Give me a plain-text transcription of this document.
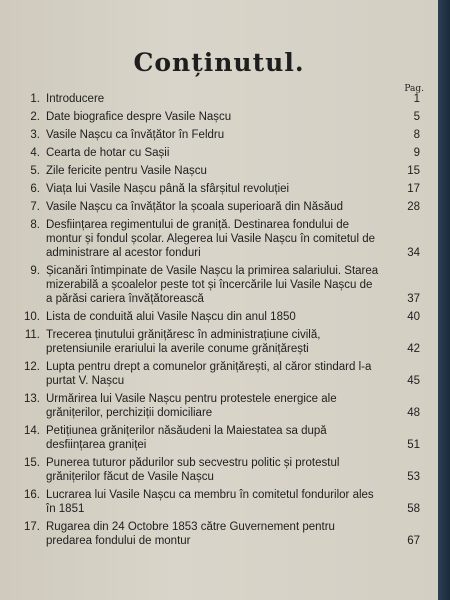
Conținutul.
Pag.
1. Introducere	1
2. Date biografice despre Vasile Nașcu	5
3. Vasile Nașcu ca învățător în Feldru	8
4. Cearta de hotar cu Sașii	9
5. Zile fericite pentru Vasile Nașcu	15
6. Viața lui Vasile Nașcu până la sfârșitul revoluției	17
7. Vasile Nașcu ca învățător la școala superioară din Năsăud	28
8. Desființarea regimentului de graniță. Destinarea fondului de montur și fondul școlar. Alegerea lui Vasile Nașcu în comitetul de administrare al acestor fonduri	34
9. Șicanări întimpinate de Vasile Nașcu la primirea salariului. Starea mizerabilă a școalelor peste tot și încercările lui Vasile Nașcu de a părăsi cariera învățătorească	37
10. Lista de conduită alui Vasile Nașcu din anul 1850	40
11. Trecerea ținutului grănițăresc în administrațiune civilă, pretensiunile erariului la averile conume grănițărești	42
12. Lupta pentru drept a comunelor grănițărești, al căror stindard l-a purtat V. Nașcu	45
13. Urmărirea lui Vasile Nașcu pentru protestele energice ale grănițerilor, perchiziții domiciliare	48
14. Petițiunea grănițerilor năsăudeni la Maiestatea sa după desființarea graniței	51
15. Punerea tuturor pădurilor sub secvestru politic și protestul grănițerilor făcut de Vasile Nașcu	53
16. Lucrarea lui Vasile Nașcu ca membru în comitetul fondurilor ales în 1851	58
17. Rugarea din 24 Octobre 1853 către Guvernement pentru predarea fondului de montur	67
